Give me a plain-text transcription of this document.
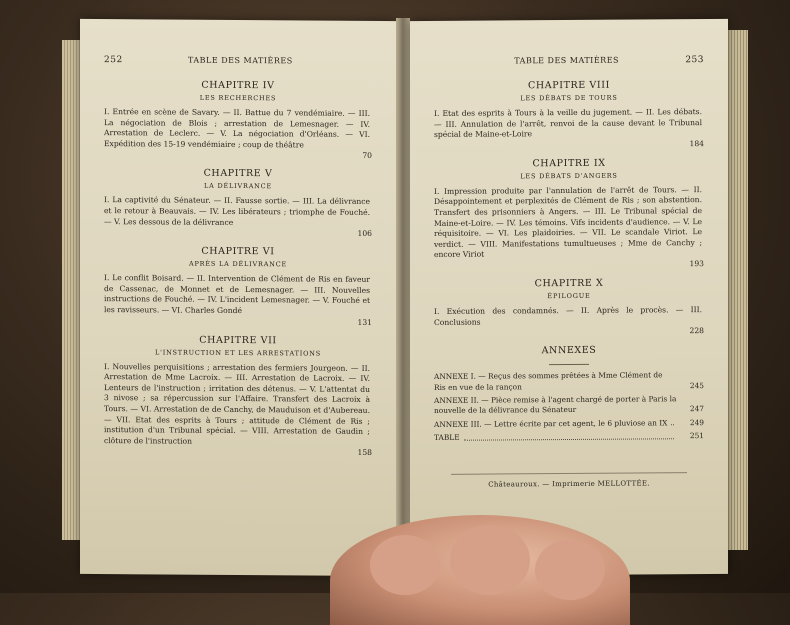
252	TABLE DES MATIÈRES
CHAPITRE IV
LES RECHERCHES
I. Entrée en scène de Savary. — II. Battue du 7 vendémiaire. — III. La négociation de Blois ; arrestation de Lemesnager. — IV. Arrestation de Leclerc. — V. La négociation d'Orléans. — VI. Expédition des 15-19 vendémiaire ; coup de théâtre
70
CHAPITRE V
LA DÉLIVRANCE
I. La captivité du Sénateur. — II. Fausse sortie. — III. La délivrance et le retour à Beauvais. — IV. Les libérateurs ; triomphe de Fouché. — V. Les dessous de la délivrance
106
CHAPITRE VI
APRÈS LA DÉLIVRANCE
I. Le conflit Boisard. — II. Intervention de Clément de Ris en faveur de Cassenac, de Monnet et de Lemesnager. — III. Nouvelles instructions de Fouché. — IV. L'incident Lemesnager. — V. Fouché et les ravisseurs. — VI. Charles Gondé
131
CHAPITRE VII
L'INSTRUCTION ET LES ARRESTATIONS
I. Nouvelles perquisitions ; arrestation des fermiers Jourgeon. — II. Arrestation de Mme Lacroix. — III. Arrestation de Lacroix. — IV. Lenteurs de l'instruction ; irritation des détenus. — V. L'attentat du 3 nivose ; sa répercussion sur l'Affaire. Transfert des Lacroix à Tours. — VI. Arrestation de de Canchy, de Mauduison et d'Aubereau. — VII. Etat des esprits à Tours ; attitude de Clément de Ris ; institution d'un Tribunal spécial. — VIII. Arrestation de Gaudin ; clôture de l'instruction
158
TABLE DES MATIÈRES	253
CHAPITRE VIII
LES DÉBATS DE TOURS
I. Etat des esprits à Tours à la veille du jugement. — II. Les débats. — III. Annulation de l'arrêt, renvoi de la cause devant le Tribunal spécial de Maine-et-Loire
184
CHAPITRE IX
LES DÉBATS D'ANGERS
I. Impression produite par l'annulation de l'arrêt de Tours. — II. Désappointement et perplexités de Clément de Ris ; son abstention. Transfert des prisonniers à Angers. — III. Le Tribunal spécial de Maine-et-Loire. — IV. Les témoins. Vifs incidents d'audience. — V. Le réquisitoire. — VI. Les plaidoiries. — VII. Le scandale Viriot. Le verdict. — VIII. Manifestations tumultueuses ; Mme de Canchy ; encore Viriot
193
CHAPITRE X
ÉPILOGUE
I. Exécution des condamnés. — II. Après le procès. — III. Conclusions
228
ANNEXES
ANNEXE I. — Reçus des sommes prêtées à Mme Clément de Ris en vue de la rançon	245
ANNEXE II. — Pièce remise à l'agent chargé de porter à Paris la nouvelle de la délivrance du Sénateur	247
ANNEXE III. — Lettre écrite par cet agent, le 6 pluviose an IX	249
TABLE	251
Châteauroux. — Imprimerie MELLOTTÉE.
